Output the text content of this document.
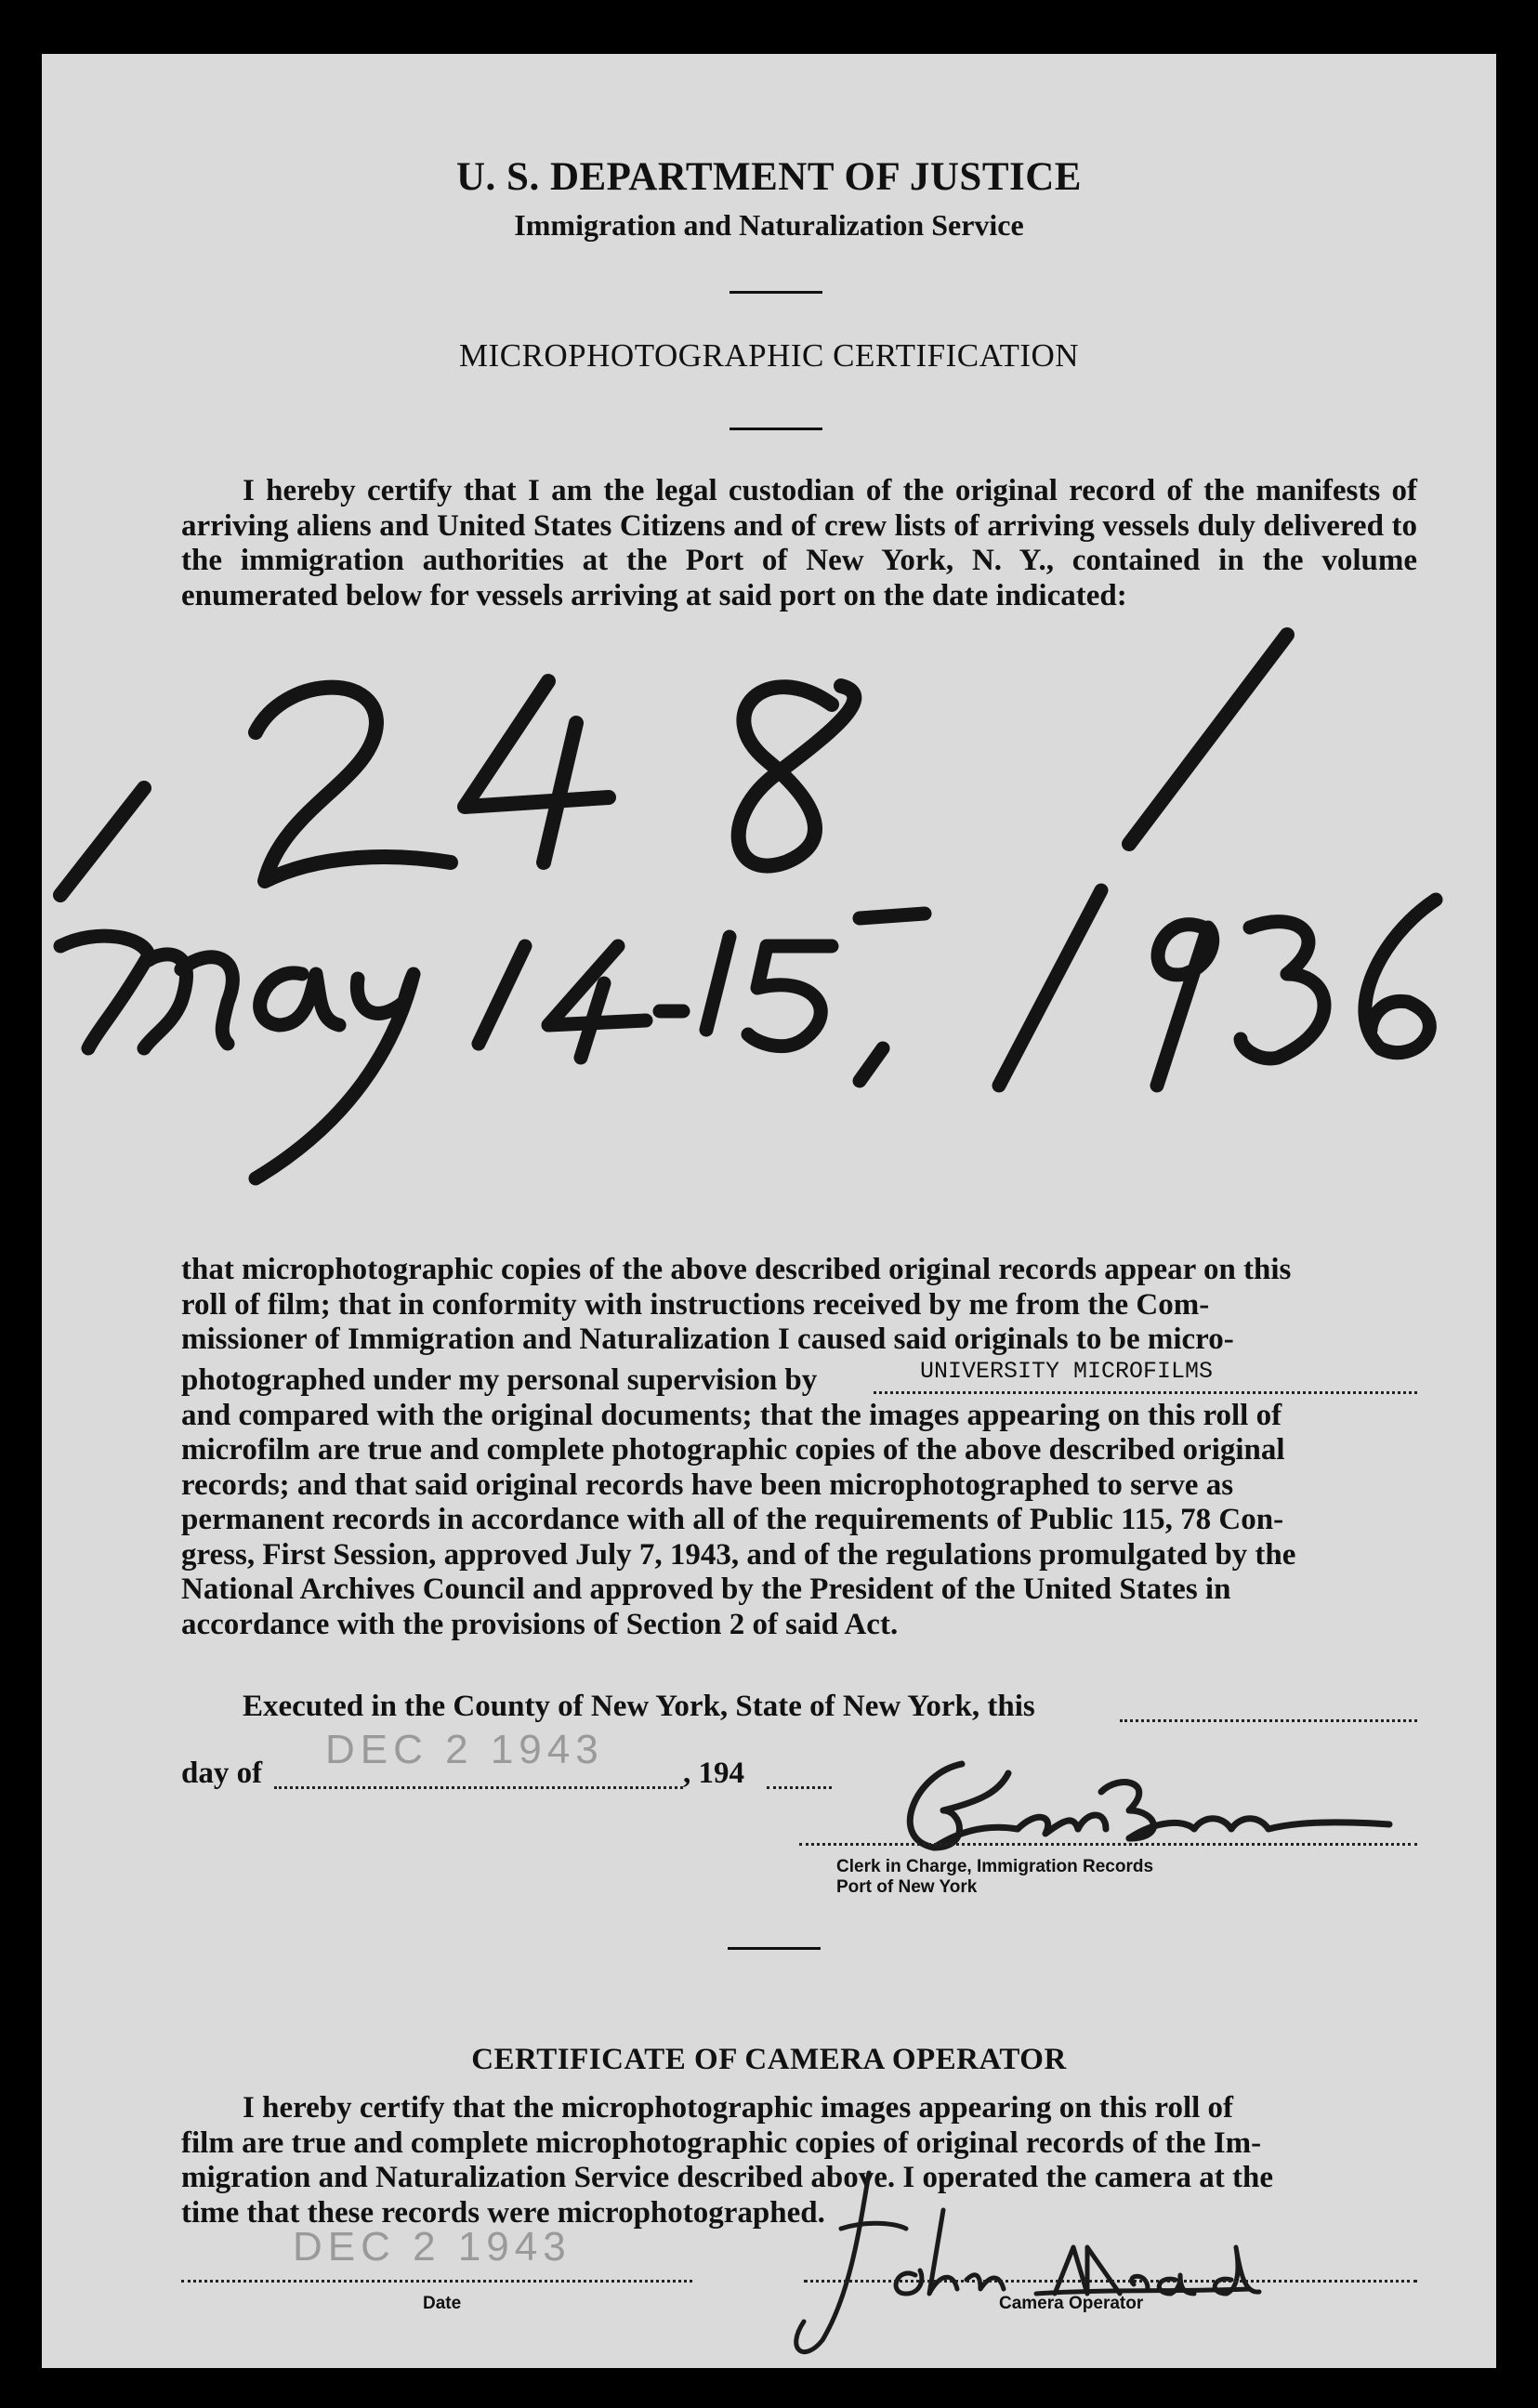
U. S. DEPARTMENT OF JUSTICE
Immigration and Naturalization Service
MICROPHOTOGRAPHIC CERTIFICATION
I hereby certify that I am the legal custodian of the original record of the manifests of arriving aliens and United States Citizens and of crew lists of arriving vessels duly delivered to the immigration authorities at the Port of New York, N. Y., contained in the volume enumerated below for vessels arriving at said port on the date indicated:
that microphotographic copies of the above described original records appear on this
roll of film; that in conformity with instructions received by me from the Com-
missioner of Immigration and Naturalization I caused said originals to be micro-
photographed under my personal supervision by	UNIVERSITY MICROFILMS
and compared with the original documents; that the images appearing on this roll of
microfilm are true and complete photographic copies of the above described original
records; and that said original records have been microphotographed to serve as
permanent records in accordance with all of the requirements of Public 115, 78 Con-
gress, First Session, approved July 7, 1943, and of the regulations promulgated by the
National Archives Council and approved by the President of the United States in
accordance with the provisions of Section 2 of said Act.
Executed in the County of New York, State of New York, this
day of	, 194
DEC 2 1943
Clerk in Charge, Immigration Records
Port of New York
CERTIFICATE OF CAMERA OPERATOR
I hereby certify that the microphotographic images appearing on this roll of
film are true and complete microphotographic copies of original records of the Im-
migration and Naturalization Service described above. I operated the camera at the
time that these records were microphotographed.
DEC 2 1943
Date	Camera Operator
